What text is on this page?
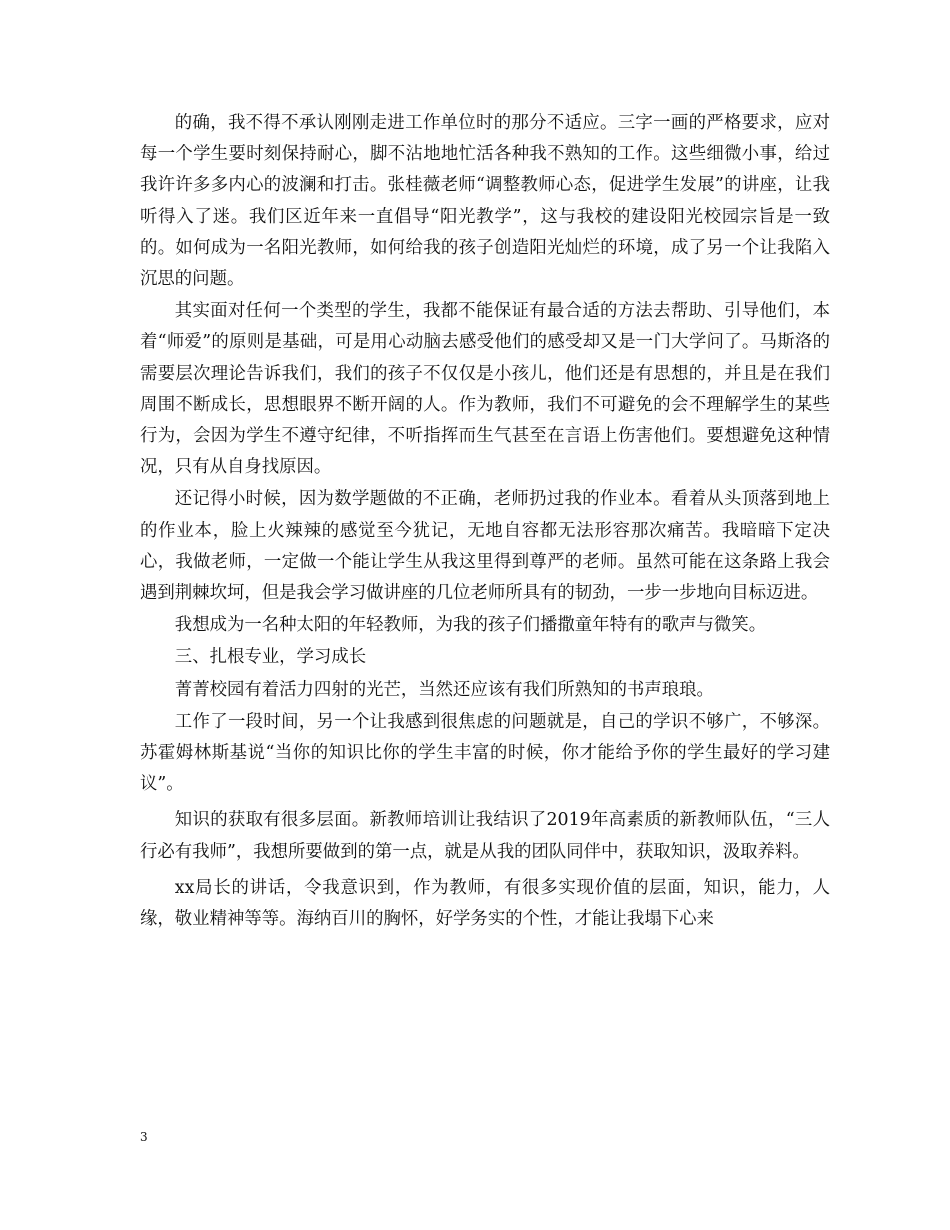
的确，我不得不承认刚刚走进工作单位时的那分不适应。三字一画的严格要求，应对每一个学生要时刻保持耐心，脚不沾地地忙活各种我不熟知的工作。这些细微小事，给过我许许多多内心的波澜和打击。张桂薇老师“调整教师心态，促进学生发展”的讲座，让我听得入了迷。我们区近年来一直倡导“阳光教学”，这与我校的建设阳光校园宗旨是一致的。如何成为一名阳光教师，如何给我的孩子创造阳光灿烂的环境，成了另一个让我陷入沉思的问题。

其实面对任何一个类型的学生，我都不能保证有最合适的方法去帮助、引导他们，本着“师爱”的原则是基础，可是用心动脑去感受他们的感受却又是一门大学问了。马斯洛的需要层次理论告诉我们，我们的孩子不仅仅是小孩儿，他们还是有思想的，并且是在我们周围不断成长，思想眼界不断开阔的人。作为教师，我们不可避免的会不理解学生的某些行为，会因为学生不遵守纪律，不听指挥而生气甚至在言语上伤害他们。要想避免这种情况，只有从自身找原因。

还记得小时候，因为数学题做的不正确，老师扔过我的作业本。看着从头顶落到地上的作业本，脸上火辣辣的感觉至今犹记，无地自容都无法形容那次痛苦。我暗暗下定决心，我做老师，一定做一个能让学生从我这里得到尊严的老师。虽然可能在这条路上我会遇到荆棘坎坷，但是我会学习做讲座的几位老师所具有的韧劲，一步一步地向目标迈进。

我想成为一名种太阳的年轻教师，为我的孩子们播撒童年特有的歌声与微笑。

三、扎根专业，学习成长

菁菁校园有着活力四射的光芒，当然还应该有我们所熟知的书声琅琅。

工作了一段时间，另一个让我感到很焦虑的问题就是，自己的学识不够广，不够深。苏霍姆林斯基说“当你的知识比你的学生丰富的时候，你才能给予你的学生最好的学习建议”。

知识的获取有很多层面。新教师培训让我结识了2019年高素质的新教师队伍，“三人行必有我师”，我想所要做到的第一点，就是从我的团队同伴中，获取知识，汲取养料。

xx局长的讲话，令我意识到，作为教师，有很多实现价值的层面，知识，能力，人缘，敬业精神等等。海纳百川的胸怀，好学务实的个性，才能让我塌下心来

3
